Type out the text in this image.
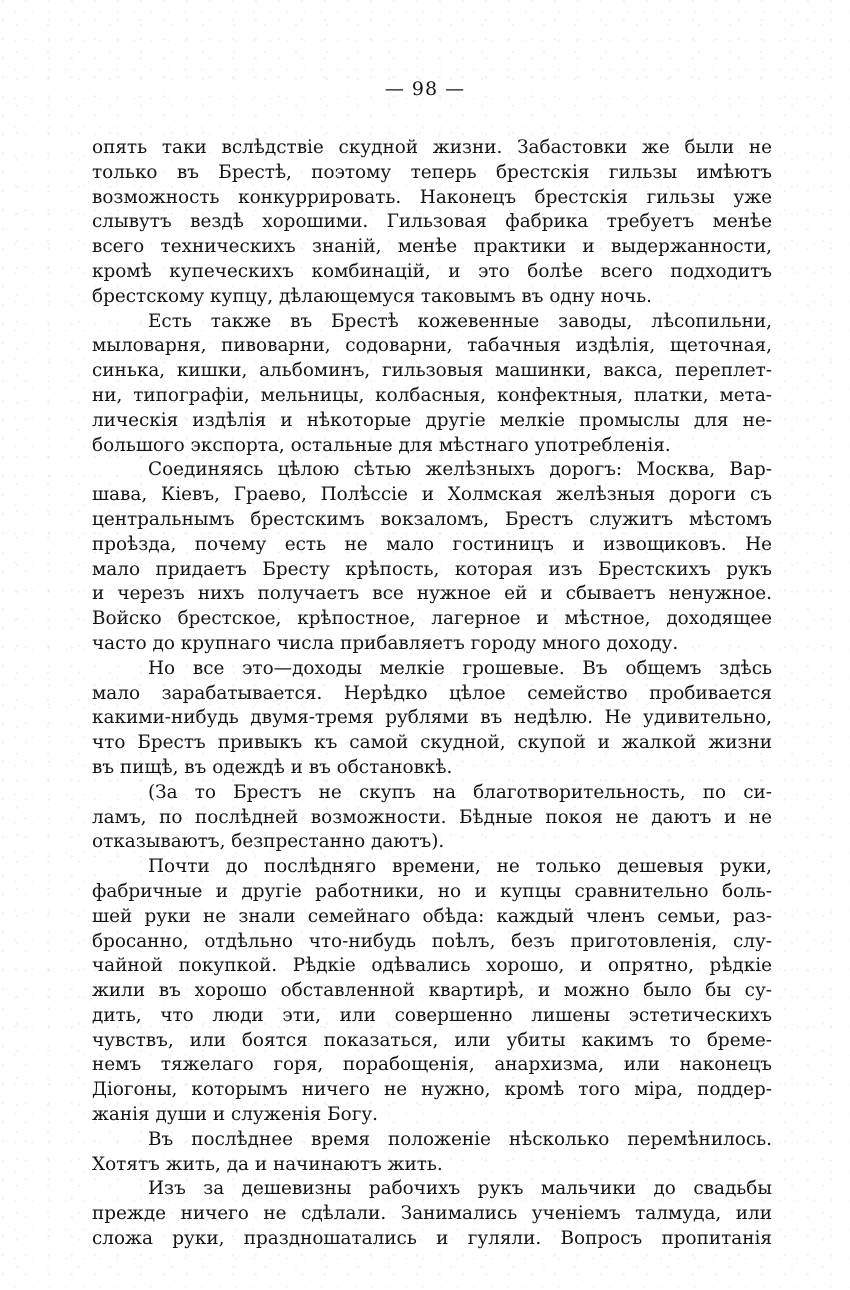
— 98 —
опять таки вслѣдствіе скудной жизни. Забастовки же были не
только въ Брестѣ, поэтому теперь брестскія гильзы имѣютъ
возможность конкуррировать. Наконецъ брестскія гильзы уже
слывутъ вездѣ хорошими. Гильзовая фабрика требуетъ менѣе
всего техническихъ знаній, менѣе практики и выдержанности,
кромѣ купеческихъ комбинацій, и это болѣе всего подходитъ
брестскому купцу, дѣлающемуся таковымъ въ одну ночь.
Есть также въ Брестѣ кожевенные заводы, лѣсопильни,
мыловарня, пивоварни, содоварни, табачныя издѣлія, щеточная,
синька, кишки, альбоминъ, гильзовыя машинки, вакса, переплет-
ни, типографіи, мельницы, колбасныя, конфектныя, платки, мета-
лическія издѣлія и нѣкоторые другіе мелкіе промыслы для не-
большого экспорта, остальные для мѣстнаго употребленія.
Соединяясь цѣлою сѣтью желѣзныхъ дорогъ: Москва, Вар-
шава, Кіевъ, Граево, Полѣсcіе и Холмская желѣзныя дороги съ
центральнымъ брестскимъ вокзаломъ, Брестъ служитъ мѣстомъ
проѣзда, почему есть не мало гостиницъ и извощиковъ. Не
мало придаетъ Бресту крѣпость, которая изъ Брестскихъ рукъ
и черезъ нихъ получаетъ все нужное ей и сбываетъ ненужное.
Войско брестское, крѣпостное, лагерное и мѣстное, доходящее
часто до крупнаго числа прибавляетъ городу много доходу.
Но все это—доходы мелкіе грошевые. Въ общемъ здѣсь
мало зарабатывается. Нерѣдко цѣлое семейство пробивается
какими-нибудь двумя-тремя рублями въ недѣлю. Не удивительно,
что Брестъ привыкъ къ самой скудной, скупой и жалкой жизни
въ пищѣ, въ одеждѣ и въ обстановкѣ.
(За то Брестъ не скупъ на благотворительность, по си-
ламъ, по послѣдней возможности. Бѣдные покоя не даютъ и не
отказываютъ, безпрестанно даютъ).
Почти до послѣдняго времени, не только дешевыя руки,
фабричные и другіе работники, но и купцы сравнительно боль-
шей руки не знали семейнаго обѣда: каждый членъ семьи, раз-
бросанно, отдѣльно что-нибудь поѣлъ, безъ приготовленія, слу-
чайной покупкой. Рѣдкіе одѣвались хорошо, и опрятно, рѣдкіе
жили въ хорошо обставленной квартирѣ, и можно было бы су-
дить, что люди эти, или совершенно лишены эстетическихъ
чувствъ, или боятся показаться, или убиты какимъ то бреме-
немъ тяжелаго горя, порабощенія, анархизма, или наконецъ
Діогоны, которымъ ничего не нужно, кромѣ того міра, поддер-
жанія души и служенія Богу.
Въ послѣднее время положеніе нѣсколько перемѣнилось.
Хотятъ жить, да и начинаютъ жить.
Изъ за дешевизны рабочихъ рукъ мальчики до свадьбы
прежде ничего не сдѣлали. Занимались ученіемъ талмуда, или
сложа руки, праздношатались и гуляли. Вопросъ пропитанія
